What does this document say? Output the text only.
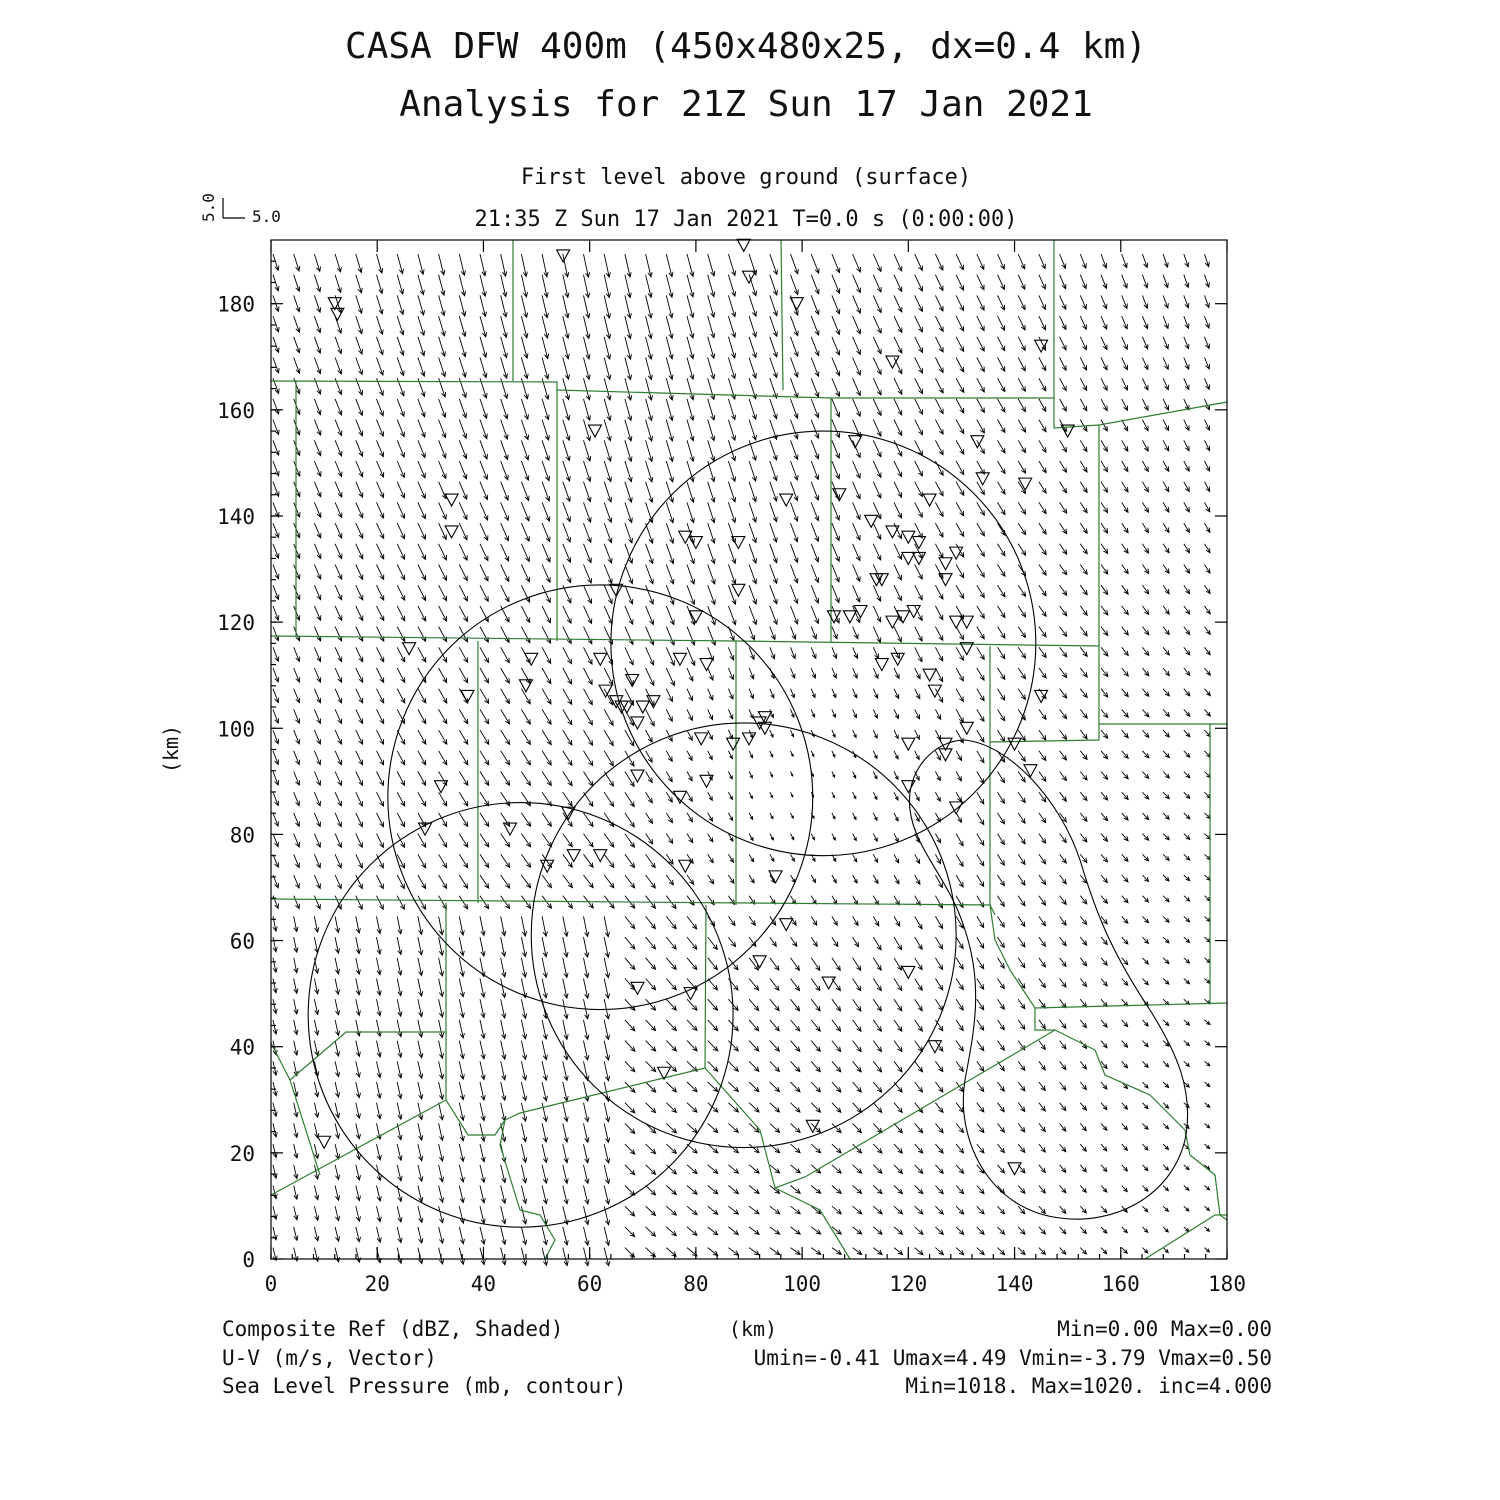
CASA DFW 400m (450x480x25, dx=0.4 km)
Analysis for 21Z Sun 17 Jan 2021
First level above ground (surface)
21:35 Z Sun 17 Jan 2021 T=0.0 s (0:00:00)
5.0
5.0
0	20	40	60	80	100	120	140	160	180
0
20
40
60
80
100
120
140
160
180
(km)
(km)
Composite Ref (dBZ, Shaded)	Min=0.00 Max=0.00
U-V (m/s, Vector)	Umin=-0.41 Umax=4.49 Vmin=-3.79 Vmax=0.50
Sea Level Pressure (mb, contour)	Min=1018. Max=1020. inc=4.000
